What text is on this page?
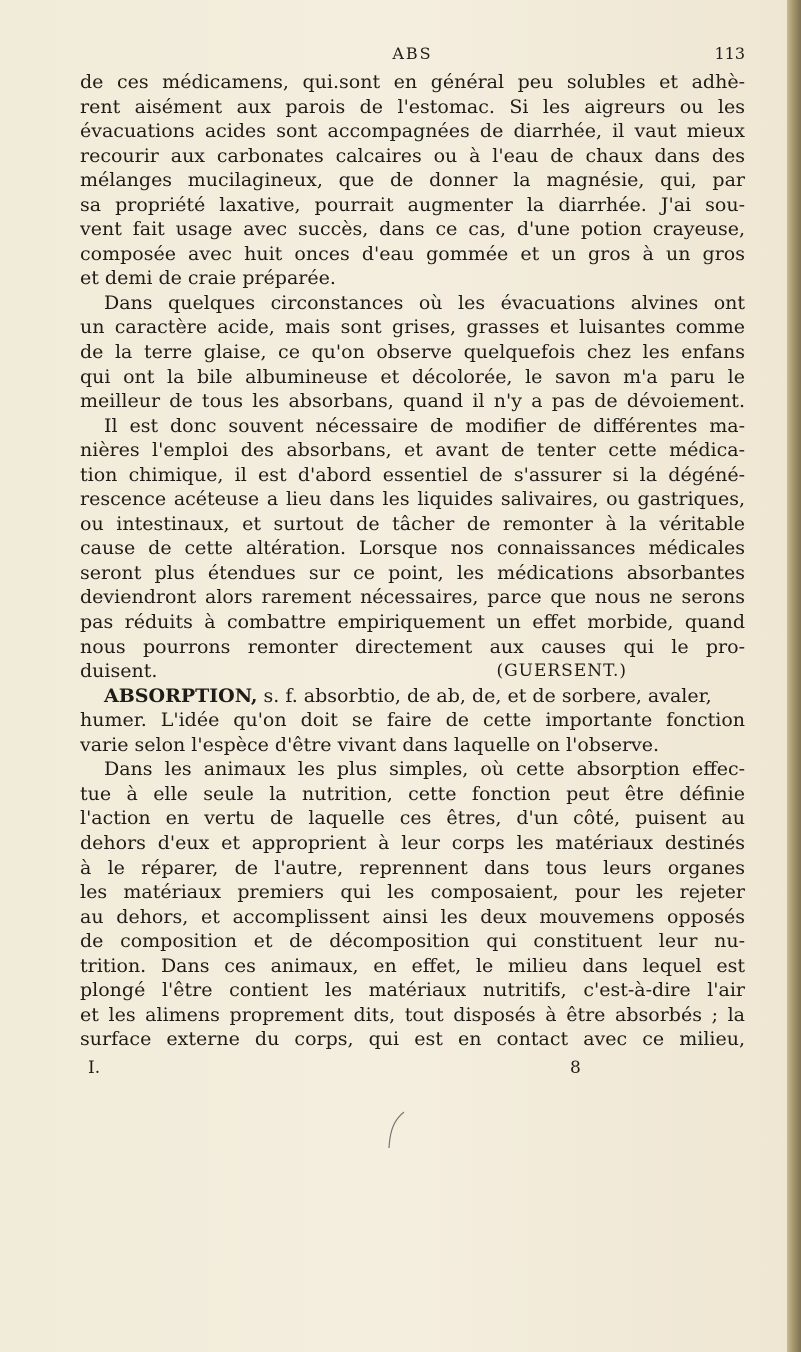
ABS	113
de ces médicamens, qui.sont en général peu solubles et adhè-
rent aisément aux parois de l'estomac. Si les aigreurs ou les
évacuations acides sont accompagnées de diarrhée, il vaut mieux
recourir aux carbonates calcaires ou à l'eau de chaux dans des
mélanges mucilagineux, que de donner la magnésie, qui, par
sa propriété laxative, pourrait augmenter la diarrhée. J'ai sou-
vent fait usage avec succès, dans ce cas, d'une potion crayeuse,
composée avec huit onces d'eau gommée et un gros à un gros
et demi de craie préparée.
Dans quelques circonstances où les évacuations alvines ont
un caractère acide, mais sont grises, grasses et luisantes comme
de la terre glaise, ce qu'on observe quelquefois chez les enfans
qui ont la bile albumineuse et décolorée, le savon m'a paru le
meilleur de tous les absorbans, quand il n'y a pas de dévoiement.
Il est donc souvent nécessaire de modifier de différentes ma-
nières l'emploi des absorbans, et avant de tenter cette médica-
tion chimique, il est d'abord essentiel de s'assurer si la dégéné-
rescence acéteuse a lieu dans les liquides salivaires, ou gastriques,
ou intestinaux, et surtout de tâcher de remonter à la véritable
cause de cette altération. Lorsque nos connaissances médicales
seront plus étendues sur ce point, les médications absorbantes
deviendront alors rarement nécessaires, parce que nous ne serons
pas réduits à combattre empiriquement un effet morbide, quand
nous pourrons remonter directement aux causes qui le pro-
duisent.	(GUERSENT.)
ABSORPTION, s. f. absorbtio, de ab, de, et de sorbere, avaler,
humer. L'idée qu'on doit se faire de cette importante fonction
varie selon l'espèce d'être vivant dans laquelle on l'observe.
Dans les animaux les plus simples, où cette absorption effec-
tue à elle seule la nutrition, cette fonction peut être définie
l'action en vertu de laquelle ces êtres, d'un côté, puisent au
dehors d'eux et approprient à leur corps les matériaux destinés
à le réparer, de l'autre, reprennent dans tous leurs organes
les matériaux premiers qui les composaient, pour les rejeter
au dehors, et accomplissent ainsi les deux mouvemens opposés
de composition et de décomposition qui constituent leur nu-
trition. Dans ces animaux, en effet, le milieu dans lequel est
plongé l'être contient les matériaux nutritifs, c'est-à-dire l'air
et les alimens proprement dits, tout disposés à être absorbés ; la
surface externe du corps, qui est en contact avec ce milieu,
I.	8
